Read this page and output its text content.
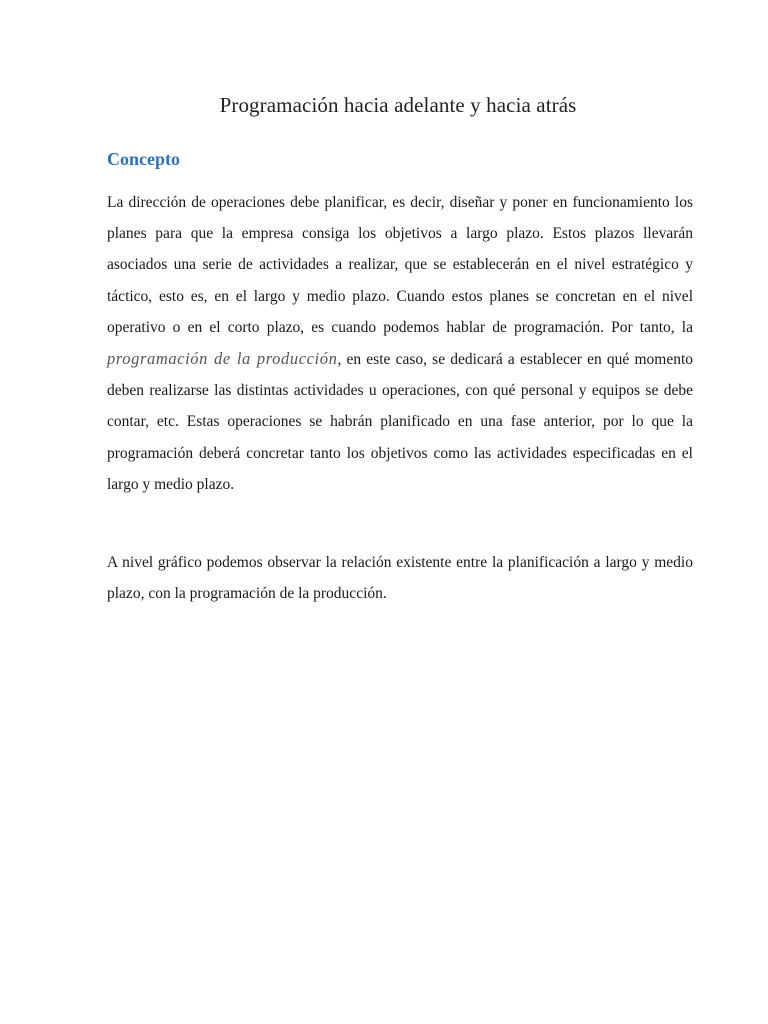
Programación hacia adelante y hacia atrás
Concepto

La dirección de operaciones debe planificar, es decir, diseñar y poner en funcionamiento los planes para que la empresa consiga los objetivos a largo plazo. Estos plazos llevarán asociados una serie de actividades a realizar, que se establecerán en el nivel estratégico y táctico, esto es, en el largo y medio plazo. Cuando estos planes se concretan en el nivel operativo o en el corto plazo, es cuando podemos hablar de programación. Por tanto, la programación de la producción, en este caso, se dedicará a establecer en qué momento deben realizarse las distintas actividades u operaciones, con qué personal y equipos se debe contar, etc. Estas operaciones se habrán planificado en una fase anterior, por lo que la programación deberá concretar tanto los objetivos como las actividades especificadas en el largo y medio plazo.

A nivel gráfico podemos observar la relación existente entre la planificación a largo y medio plazo, con la programación de la producción.
